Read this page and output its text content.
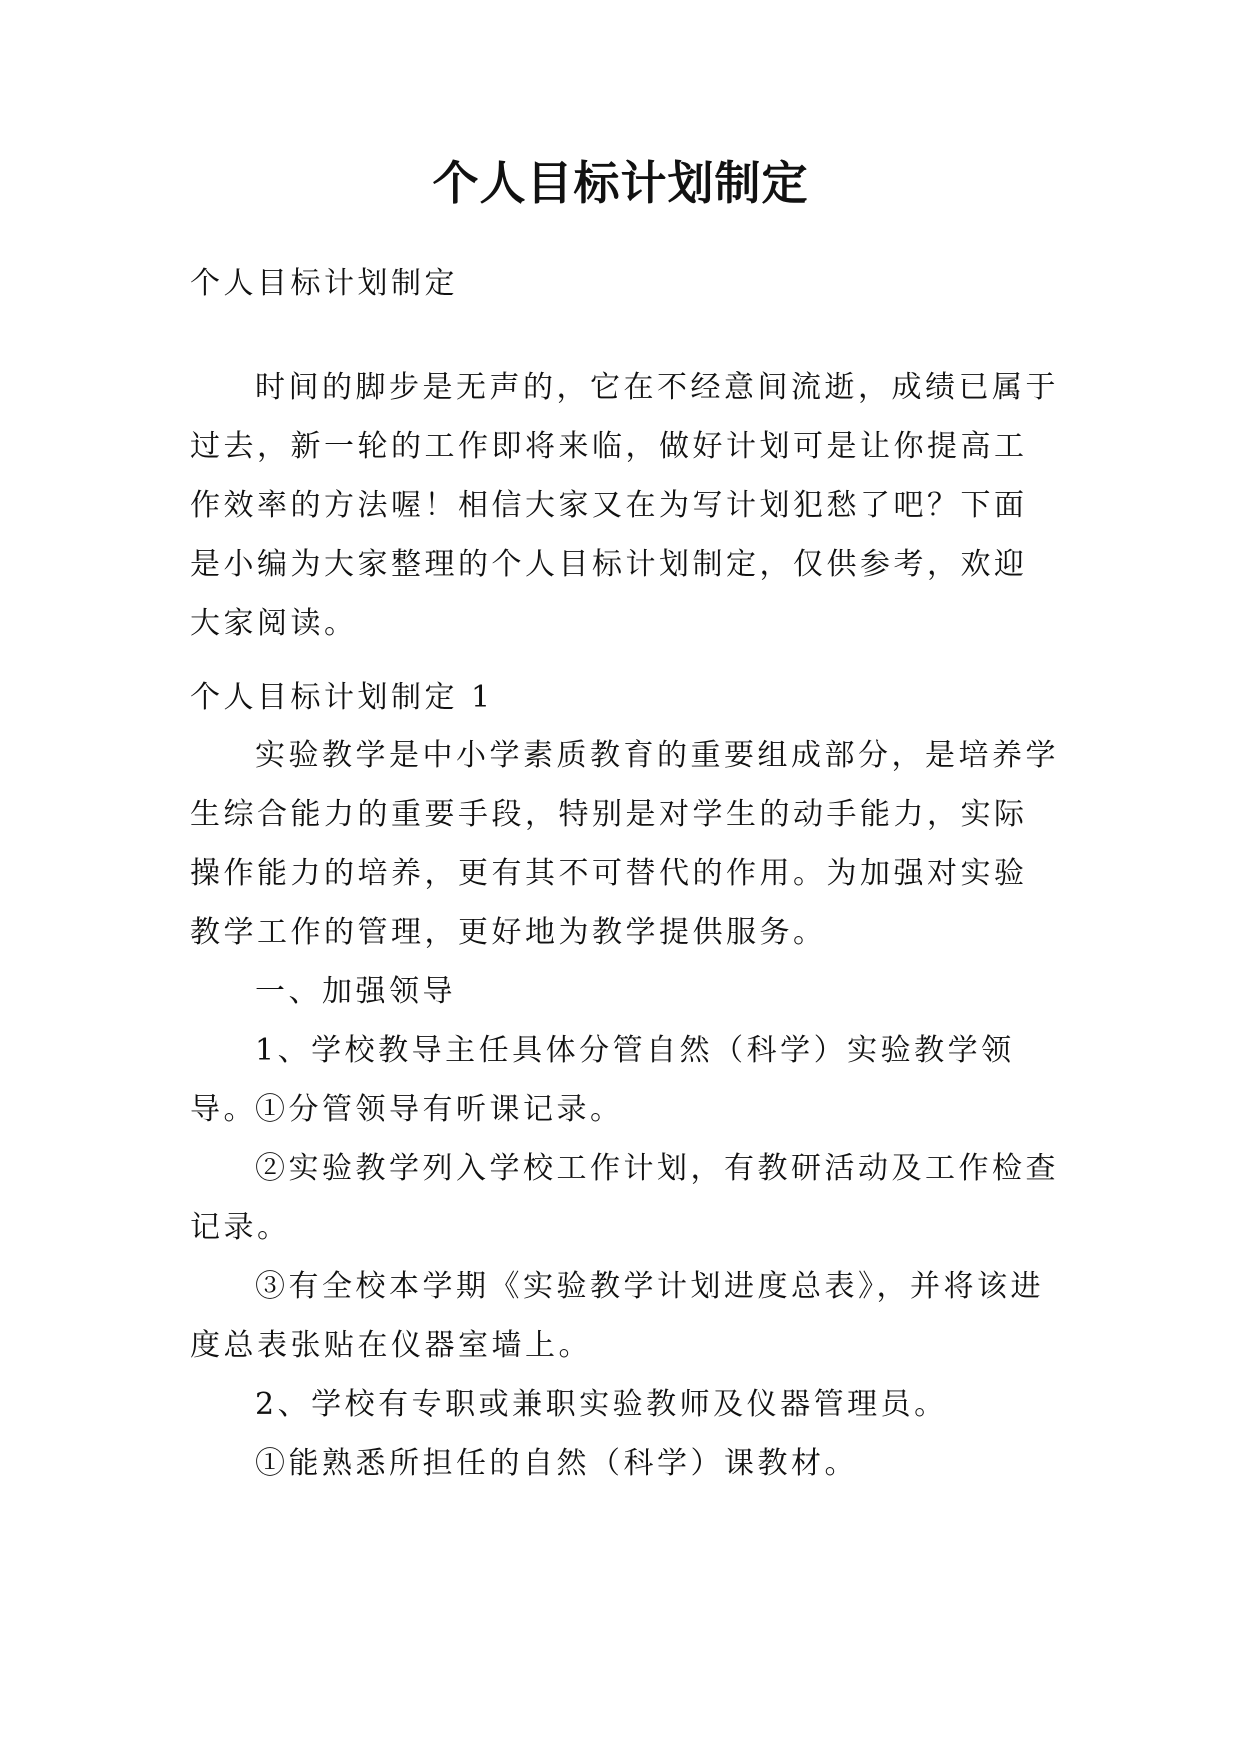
个人目标计划制定

个人目标计划制定

时间的脚步是无声的，它在不经意间流逝，成绩已属于过去，新一轮的工作即将来临，做好计划可是让你提高工作效率的方法喔！相信大家又在为写计划犯愁了吧？下面是小编为大家整理的个人目标计划制定，仅供参考，欢迎大家阅读。

个人目标计划制定 1

实验教学是中小学素质教育的重要组成部分，是培养学生综合能力的重要手段，特别是对学生的动手能力，实际操作能力的培养，更有其不可替代的作用。为加强对实验教学工作的管理，更好地为教学提供服务。

一、加强领导

1、学校教导主任具体分管自然（科学）实验教学领导。

①分管领导有听课记录。

②实验教学列入学校工作计划，有教研活动及工作检查记录。

③有全校本学期《实验教学计划进度总表》，并将该进度总表张贴在仪器室墙上。

2、学校有专职或兼职实验教师及仪器管理员。

①能熟悉所担任的自然（科学）课教材。
